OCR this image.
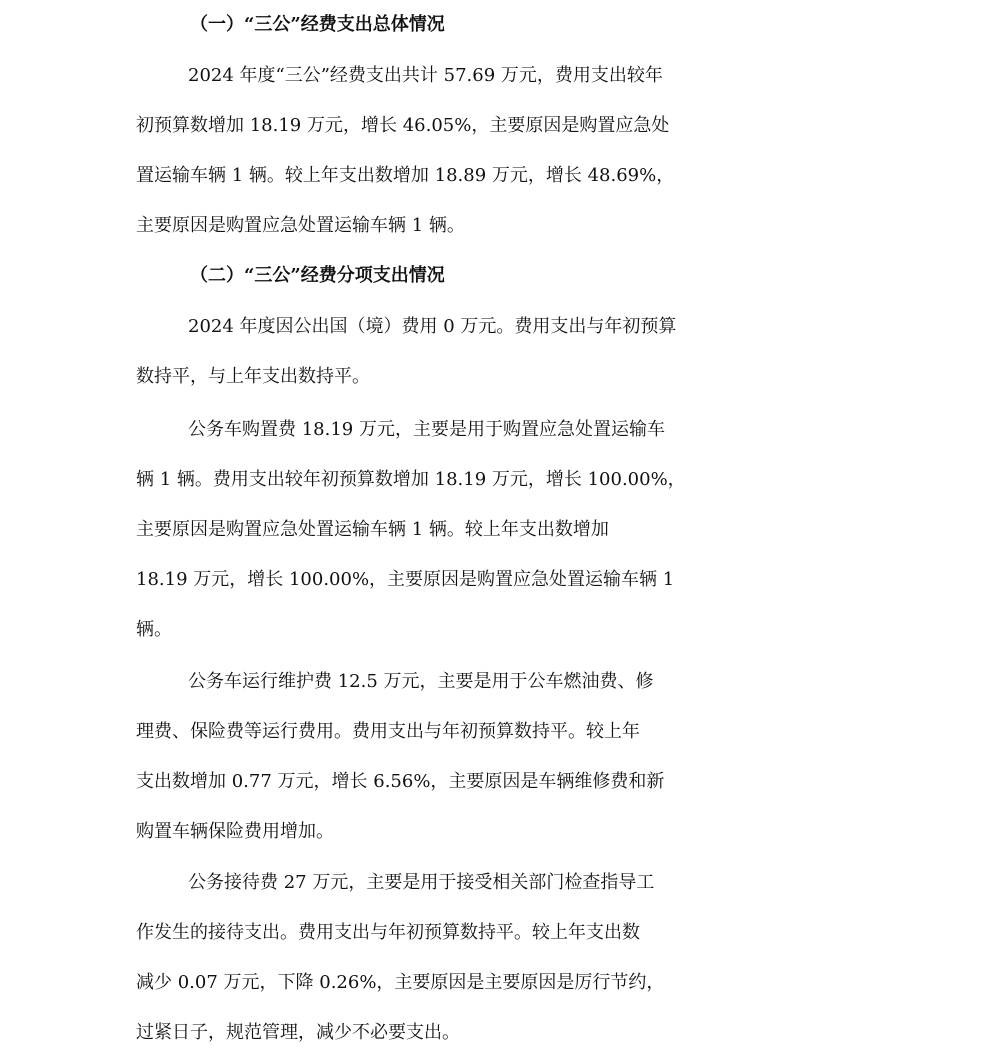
（一）“三公”经费支出总体情况
2024 年度“三公”经费支出共计 57.69 万元，费用支出较年
初预算数增加 18.19 万元，增长 46.05%，主要原因是购置应急处
置运输车辆 1 辆。较上年支出数增加 18.89 万元，增长 48.69%，
主要原因是购置应急处置运输车辆 1 辆。
（二）“三公”经费分项支出情况
2024 年度因公出国（境）费用 0 万元。费用支出与年初预算
数持平，与上年支出数持平。
公务车购置费 18.19 万元，主要是用于购置应急处置运输车
辆 1 辆。费用支出较年初预算数增加 18.19 万元，增长 100.00%，
主要原因是购置应急处置运输车辆 1 辆。较上年支出数增加
18.19 万元，增长 100.00%，主要原因是购置应急处置运输车辆 1
辆。
公务车运行维护费 12.5 万元，主要是用于公车燃油费、修
理费、保险费等运行费用。费用支出与年初预算数持平。较上年
支出数增加 0.77 万元，增长 6.56%，主要原因是车辆维修费和新
购置车辆保险费用增加。
公务接待费 27 万元，主要是用于接受相关部门检查指导工
作发生的接待支出。费用支出与年初预算数持平。较上年支出数
减少 0.07 万元，下降 0.26%，主要原因是主要原因是厉行节约，
过紧日子，规范管理，减少不必要支出。
